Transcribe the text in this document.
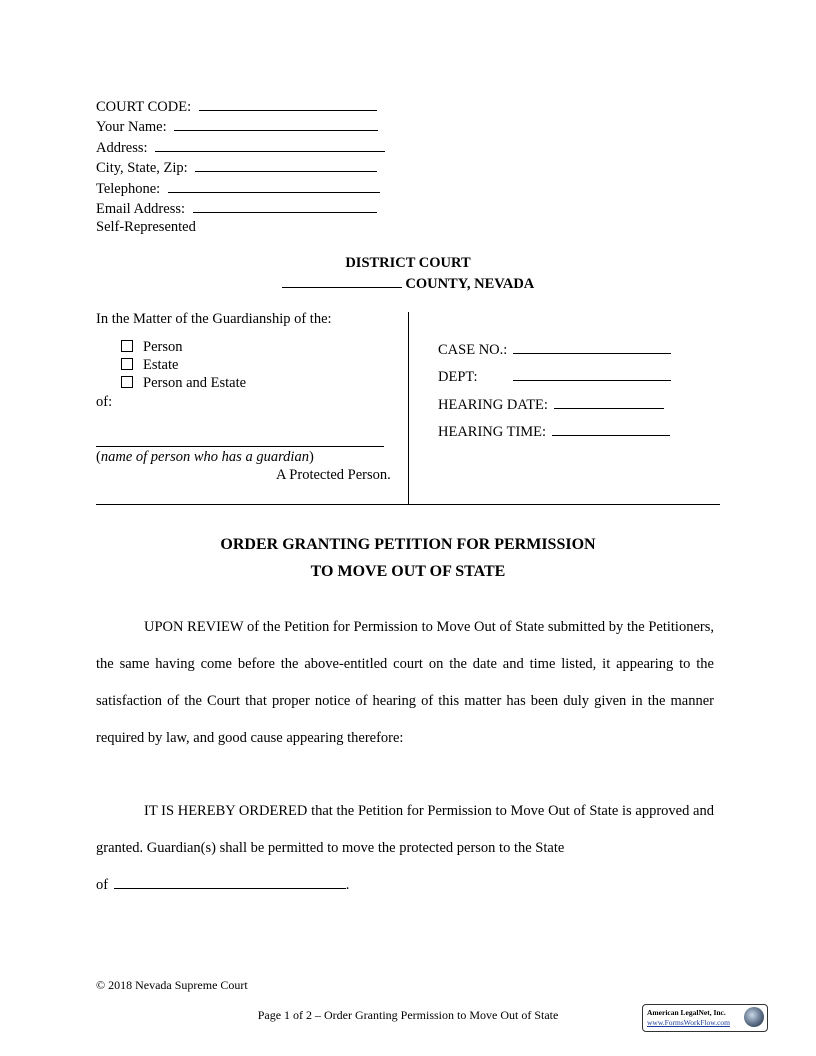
COURT CODE:
Your Name:
Address:
City, State, Zip:
Telephone:
Email Address:
Self-Represented
DISTRICT COURT
COUNTY, NEVADA
In the Matter of the Guardianship of the:
Person
Estate
Person and Estate
of:
(name of person who has a guardian)
A Protected Person.
CASE NO.:
DEPT:
HEARING DATE:
HEARING TIME:
ORDER GRANTING PETITION FOR PERMISSION
TO MOVE OUT OF STATE

UPON REVIEW of the Petition for Permission to Move Out of State submitted by the Petitioners, the same having come before the above-entitled court on the date and time listed, it appearing to the satisfaction of the Court that proper notice of hearing of this matter has been duly given in the manner required by law, and good cause appearing therefore:

IT IS HEREBY ORDERED that the Petition for Permission to Move Out of State is approved and granted. Guardian(s) shall be permitted to move the protected person to the State

of	.
© 2018 Nevada Supreme Court
Page 1 of 2 – Order Granting Permission to Move Out of State	American LegalNet, Inc.
www.FormsWorkFlow.com
